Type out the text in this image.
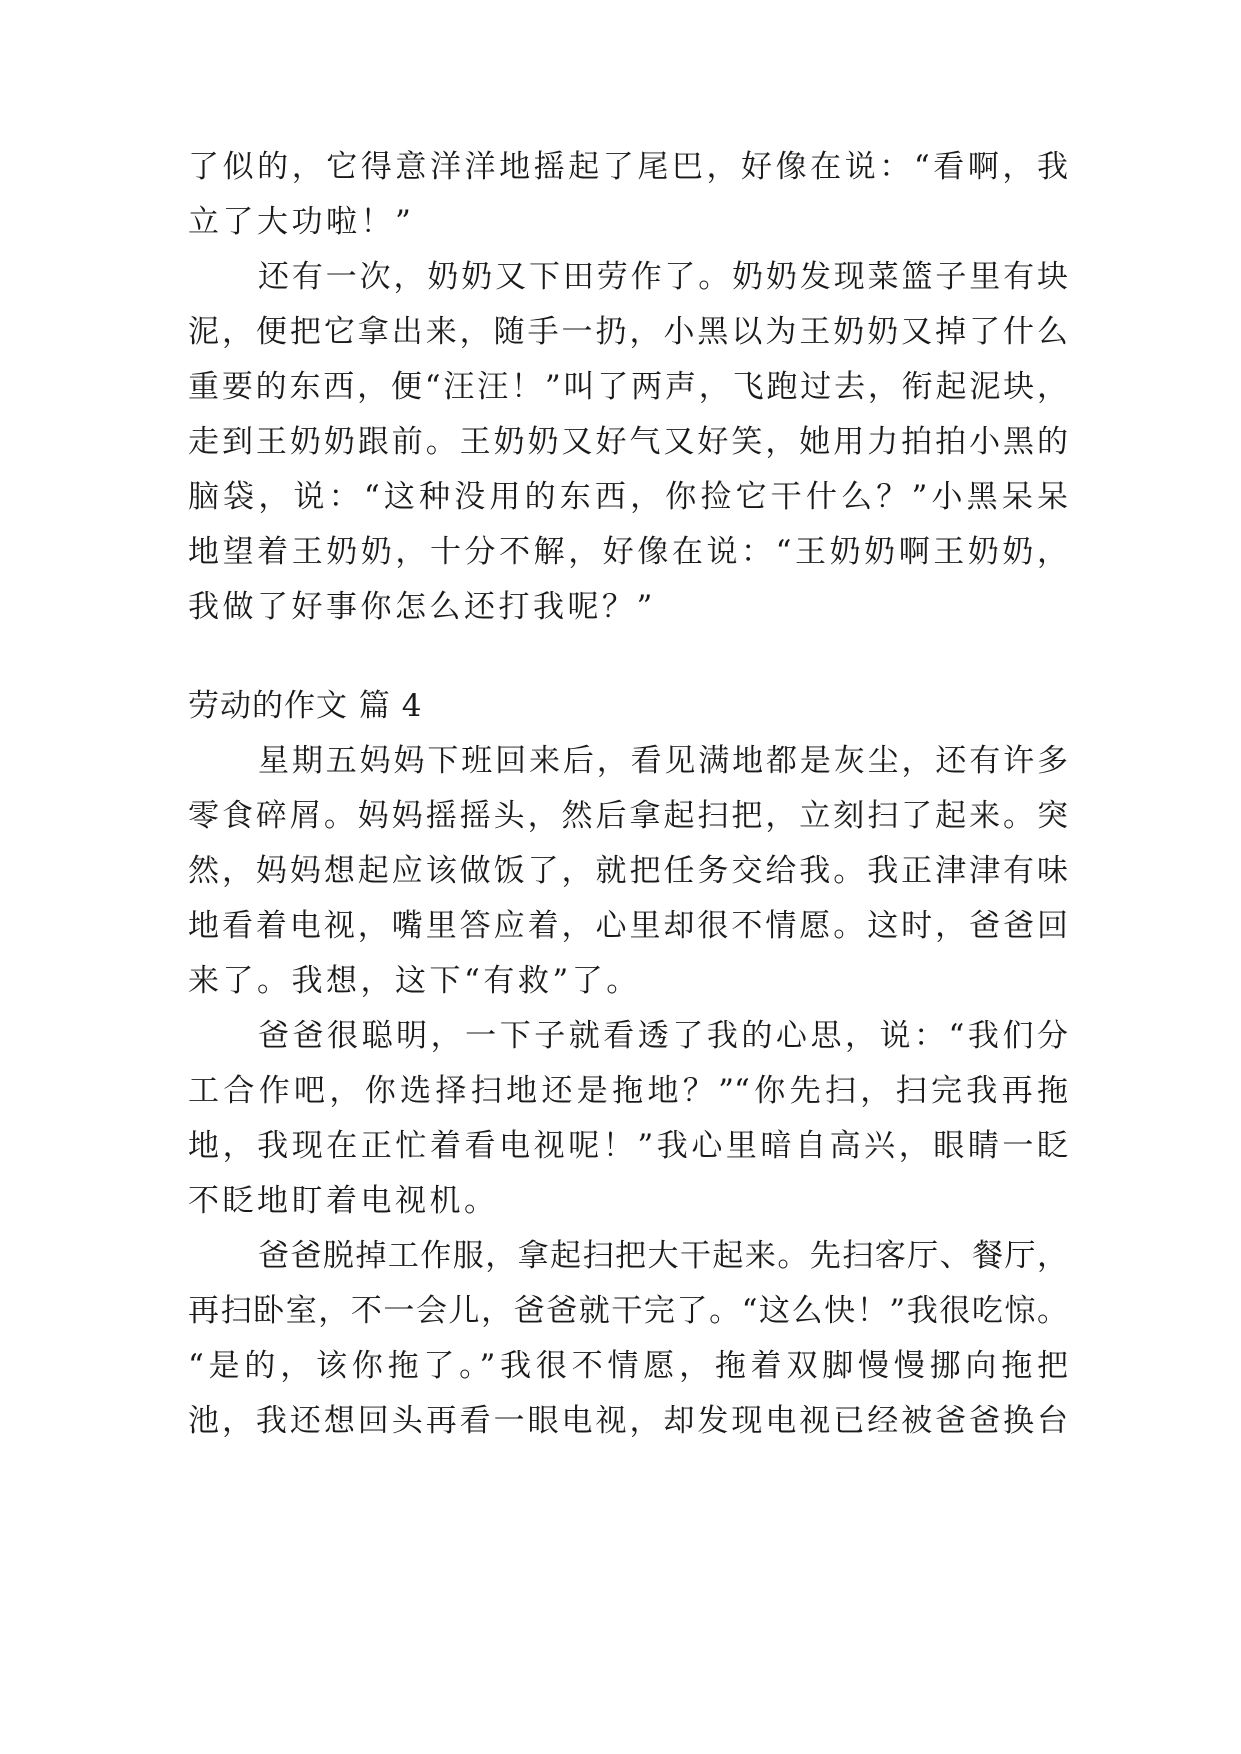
了似的，它得意洋洋地摇起了尾巴，好像在说：“看啊，我
立了大功啦！”
还有一次，奶奶又下田劳作了。奶奶发现菜篮子里有块
泥，便把它拿出来，随手一扔，小黑以为王奶奶又掉了什么
重要的东西，便“汪汪！”叫了两声，飞跑过去，衔起泥块，
走到王奶奶跟前。王奶奶又好气又好笑，她用力拍拍小黑的
脑袋，说：“这种没用的东西，你捡它干什么？”小黑呆呆
地望着王奶奶，十分不解，好像在说：“王奶奶啊王奶奶，
我做了好事你怎么还打我呢？”
劳动的作文 篇 4
星期五妈妈下班回来后，看见满地都是灰尘，还有许多
零食碎屑。妈妈摇摇头，然后拿起扫把，立刻扫了起来。突
然，妈妈想起应该做饭了，就把任务交给我。我正津津有味
地看着电视，嘴里答应着，心里却很不情愿。这时，爸爸回
来了。我想，这下“有救”了。
爸爸很聪明，一下子就看透了我的心思，说：“我们分
工合作吧，你选择扫地还是拖地？”“你先扫，扫完我再拖
地，我现在正忙着看电视呢！”我心里暗自高兴，眼睛一眨
不眨地盯着电视机。
爸爸脱掉工作服，拿起扫把大干起来。先扫客厅、餐厅，
再扫卧室，不一会儿，爸爸就干完了。“这么快！”我很吃惊。
“是的，该你拖了。”我很不情愿，拖着双脚慢慢挪向拖把
池，我还想回头再看一眼电视，却发现电视已经被爸爸换台
